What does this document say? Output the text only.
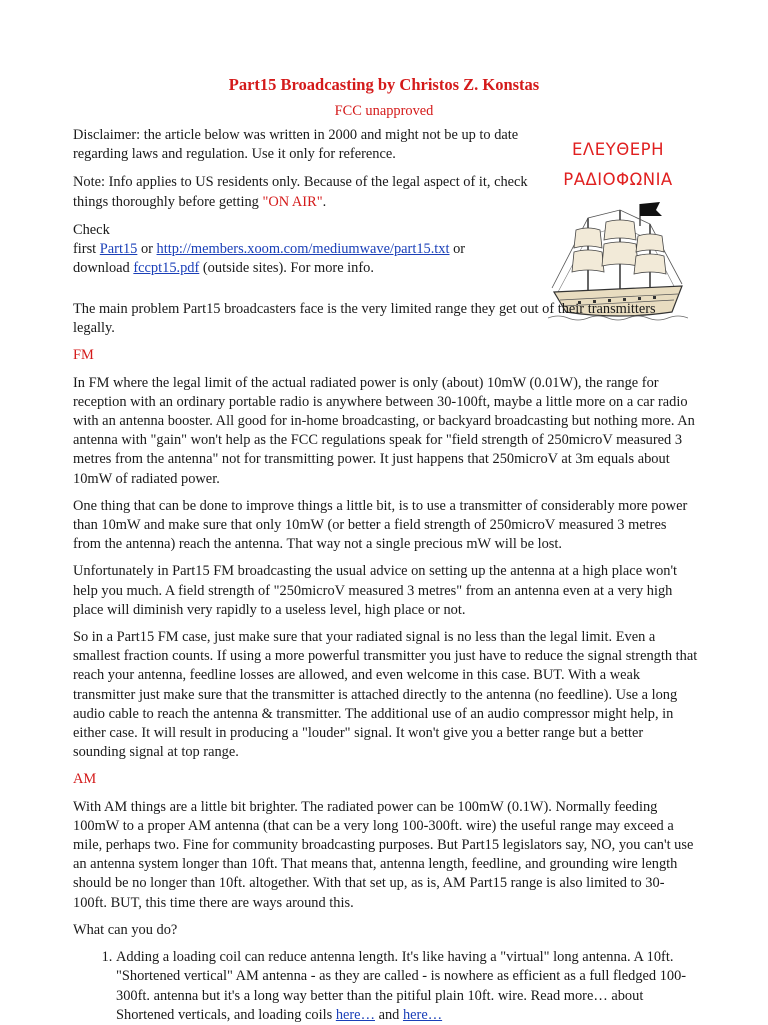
Part15 Broadcasting by Christos Z. Konstas
FCC unapproved

Disclaimer: the article below was written in 2000 and might not be up to date regarding laws and regulation. Use it only for reference.

Note: Info applies to US residents only. Because of the legal aspect of it, check things thoroughly before getting "ON AIR".

Check
first Part15 or http://members.xoom.com/mediumwave/part15.txt or
download fccpt15.pdf (outside sites). For more info.

ΕΛΕΥΘΕΡΗ
ΡΑΔΙΟΦΩΝΙΑ

The main problem Part15 broadcasters face is the very limited range they get out of their transmitters legally.

FM

In FM where the legal limit of the actual radiated power is only (about) 10mW (0.01W), the range for reception with an ordinary portable radio is anywhere between 30-100ft, maybe a little more on a car radio with an antenna booster. All good for in-home broadcasting, or backyard broadcasting but nothing more. An antenna with "gain" won't help as the FCC regulations speak for "field strength of 250microV measured 3 metres from the antenna" not for transmitting power. It just happens that 250microV at 3m equals about 10mW of radiated power.

One thing that can be done to improve things a little bit, is to use a transmitter of considerably more power than 10mW and make sure that only 10mW (or better a field strength of 250microV measured 3 metres from the antenna) reach the antenna. That way not a single precious mW will be lost.

Unfortunately in Part15 FM broadcasting the usual advice on setting up the antenna at a high place won't help you much. A field strength of "250microV measured 3 metres" from an antenna even at a very high place will diminish very rapidly to a useless level, high place or not.

So in a Part15 FM case, just make sure that your radiated signal is no less than the legal limit. Even a smallest fraction counts. If using a more powerful transmitter you just have to reduce the signal strength that reach your antenna, feedline losses are allowed, and even welcome in this case. BUT. With a weak transmitter just make sure that the transmitter is attached directly to the antenna (no feedline). Use a long audio cable to reach the antenna & transmitter. The additional use of an audio compressor might help, in either case. It will result in producing a "louder" signal. It won't give you a better range but a better sounding signal at top range.

AM

With AM things are a little bit brighter. The radiated power can be 100mW (0.1W). Normally feeding 100mW to a proper AM antenna (that can be a very long 100-300ft. wire) the useful range may exceed a mile, perhaps two. Fine for community broadcasting purposes. But Part15 legislators say, NO, you can't use an antenna system longer than 10ft. That means that, antenna length, feedline, and grounding wire length should be no longer than 10ft. altogether. With that set up, as is, AM Part15 range is also limited to 30-100ft. BUT, this time there are ways around this.

What can you do?

1. Adding a loading coil can reduce antenna length. It's like having a "virtual" long antenna. A 10ft. "Shortened vertical" AM antenna - as they are called - is nowhere as efficient as a full fledged 100-300ft. antenna but it's a long way better than the pitiful plain 10ft. wire. Read more… about Shortened verticals, and loading coils here… and here…
